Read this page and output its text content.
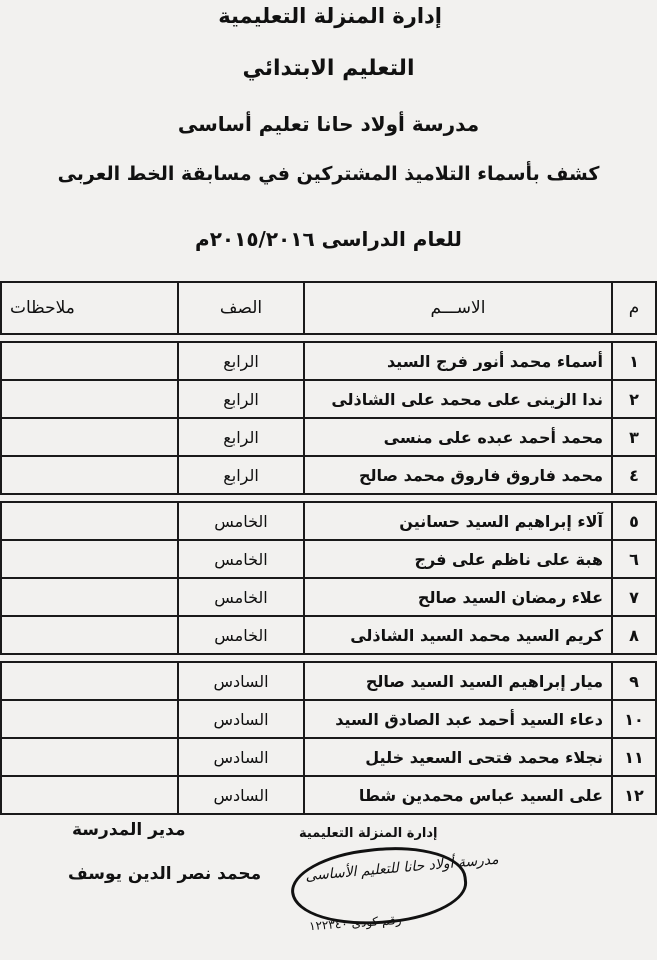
إدارة المنزلة التعليمية
التعليم الابتدائي
مدرسة أولاد حانا تعليم أساسى
كشف بأسماء التلاميذ المشتركين في مسابقة الخط العربى
للعام الدراسى ٢٠١٥/٢٠١٦م
م	الاســـم	الصف	ملاحظات

١	أسماء محمد أنور فرج السيد	الرابع	
٢	ندا الزينى على محمد على الشاذلى	الرابع	
٣	محمد أحمد عبده على منسى	الرابع	
٤	محمد فاروق فاروق محمد صالح	الرابع	

٥	آلاء إبراهيم السيد حسانين	الخامس	
٦	هبة على ناظم على فرج	الخامس	
٧	علاء رمضان السيد صالح	الخامس	
٨	كريم السيد محمد السيد الشاذلى	الخامس	

٩	ميار إبراهيم السيد السيد صالح	السادس	
١٠	دعاء السيد أحمد عبد الصادق السيد	السادس	
١١	نجلاء محمد فتحى السعيد خليل	السادس	
١٢	على السيد عباس محمدين شطا	السادس	
إدارة المنزلة التعليمية
مدرسة أولاد حانا للتعليم الأساسى
رقم كودى ١٢٢٣٤٠
مدير المدرسة
محمد نصر الدين يوسف
